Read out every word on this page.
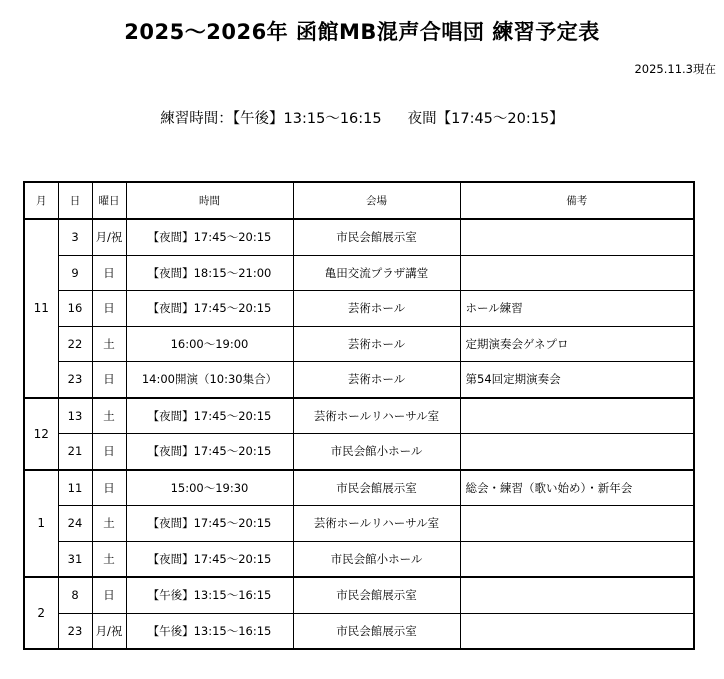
2025〜2026年 函館MB混声合唱団 練習予定表
2025.11.3現在
練習時間：【午後】13:15〜16:15 夜間【17:45〜20:15】
月	日	曜日	時間	会場	備考
11	3	月/祝	【夜間】17:45〜20:15	市民会館展示室	
	9	日	【夜間】18:15〜21:00	亀田交流プラザ講堂	
	16	日	【夜間】17:45〜20:15	芸術ホール	ホール練習
	22	土	16:00〜19:00	芸術ホール	定期演奏会ゲネプロ
	23	日	14:00開演（10:30集合）	芸術ホール	第54回定期演奏会
12	13	土	【夜間】17:45〜20:15	芸術ホールリハーサル室	
	21	日	【夜間】17:45〜20:15	市民会館小ホール	
1	11	日	15:00〜19:30	市民会館展示室	総会・練習（歌い始め）・新年会
	24	土	【夜間】17:45〜20:15	芸術ホールリハーサル室	
	31	土	【夜間】17:45〜20:15	市民会館小ホール	
2	8	日	【午後】13:15〜16:15	市民会館展示室	
	23	月/祝	【午後】13:15〜16:15	市民会館展示室	
